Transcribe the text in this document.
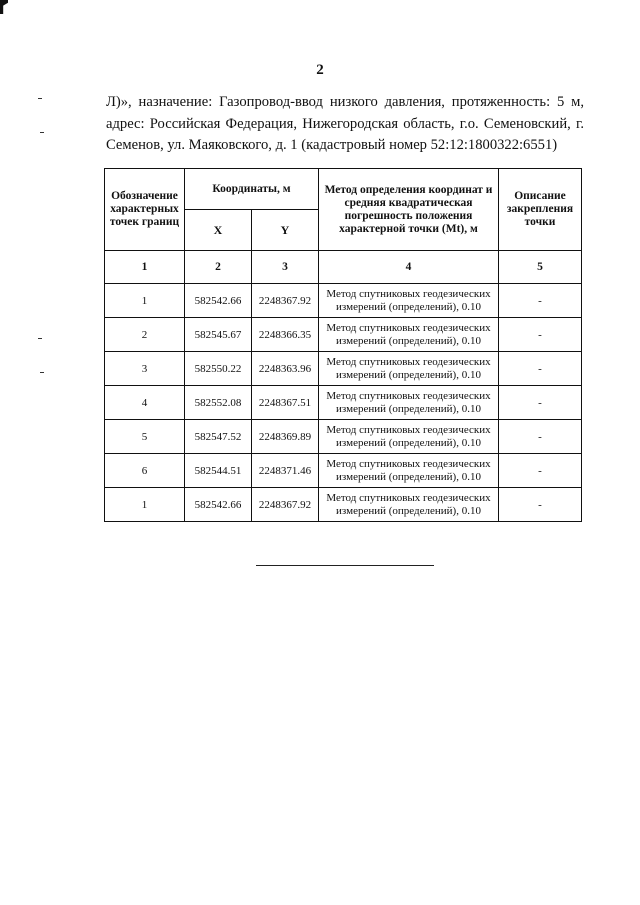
2
Л)», назначение: Газопровод-ввод низкого давления, протяженность: 5 м,
адрес: Российская Федерация, Нижегородская область, г.о. Семеновский, г.
Семенов, ул. Маяковского, д. 1 (кадастровый номер 52:12:1800322:6551)
Обозначение характерных точек границ	Координаты, м		Метод определения координат и средняя квадратическая погрешность положения характерной точки (Mt), м	Описание закрепления точки
	X	Y		
1	2	3	4	5
1	582542.66	2248367.92	Метод спутниковых геодезических измерений (определений), 0.10	-
2	582545.67	2248366.35	Метод спутниковых геодезических измерений (определений), 0.10	-
3	582550.22	2248363.96	Метод спутниковых геодезических измерений (определений), 0.10	-
4	582552.08	2248367.51	Метод спутниковых геодезических измерений (определений), 0.10	-
5	582547.52	2248369.89	Метод спутниковых геодезических измерений (определений), 0.10	-
6	582544.51	2248371.46	Метод спутниковых геодезических измерений (определений), 0.10	-
1	582542.66	2248367.92	Метод спутниковых геодезических измерений (определений), 0.10	-
